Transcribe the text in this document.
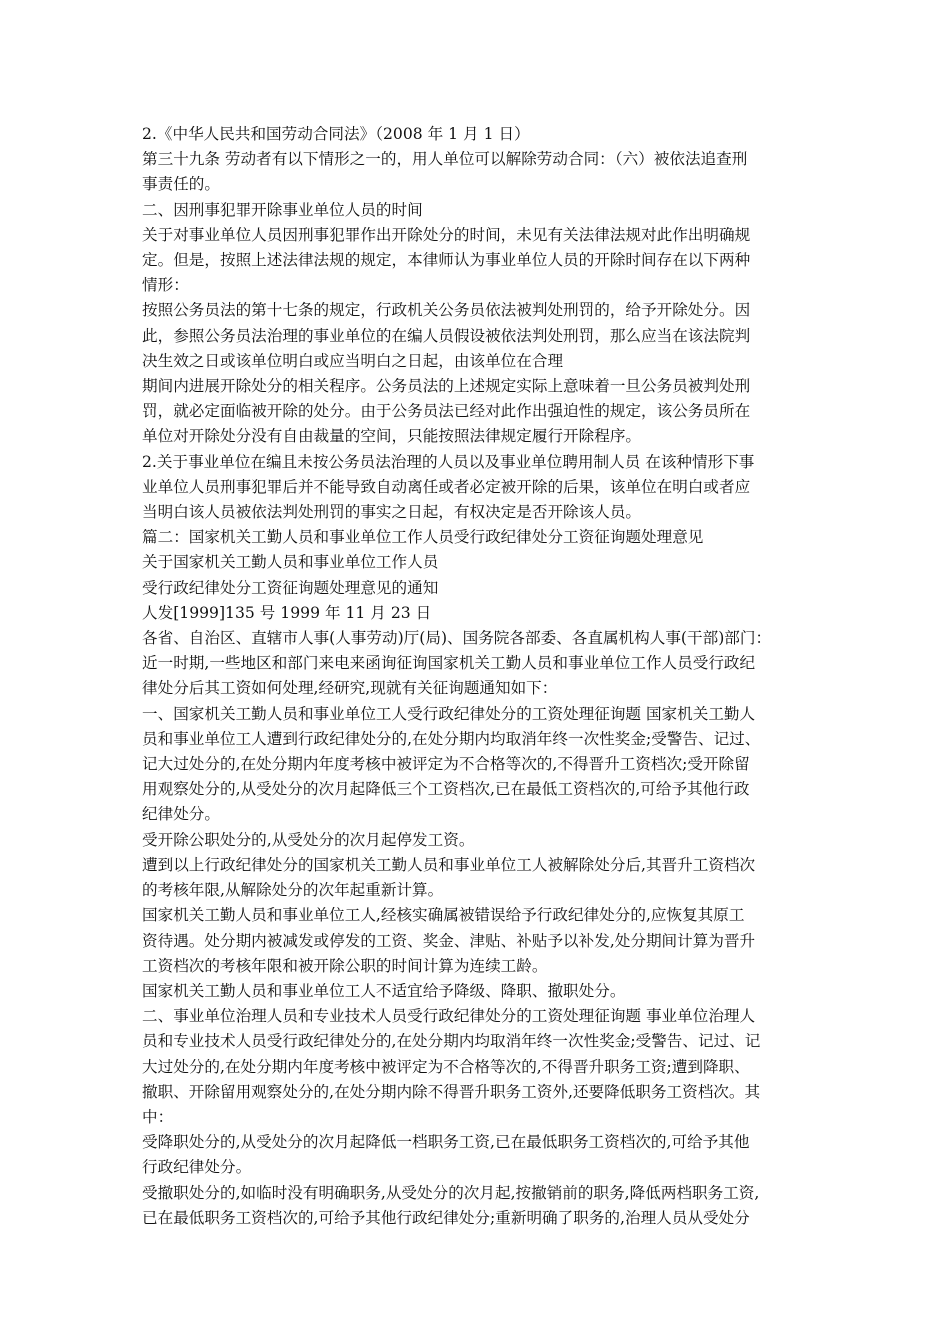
2.《中华人民共和国劳动合同法》（2008 年 1 月 1 日）
第三十九条 劳动者有以下情形之一的，用人单位可以解除劳动合同：（六）被依法追查刑
事责任的。
二、因刑事犯罪开除事业单位人员的时间
关于对事业单位人员因刑事犯罪作出开除处分的时间，未见有关法律法规对此作出明确规
定。但是，按照上述法律法规的规定，本律师认为事业单位人员的开除时间存在以下两种
情形：
按照公务员法的第十七条的规定，行政机关公务员依法被判处刑罚的，给予开除处分。因
此，参照公务员法治理的事业单位的在编人员假设被依法判处刑罚，那么应当在该法院判
决生效之日或该单位明白或应当明白之日起，由该单位在合理
期间内进展开除处分的相关程序。公务员法的上述规定实际上意味着一旦公务员被判处刑
罚，就必定面临被开除的处分。由于公务员法已经对此作出强迫性的规定，该公务员所在
单位对开除处分没有自由裁量的空间，只能按照法律规定履行开除程序。
2.关于事业单位在编且未按公务员法治理的人员以及事业单位聘用制人员 在该种情形下事
业单位人员刑事犯罪后并不能导致自动离任或者必定被开除的后果，该单位在明白或者应
当明白该人员被依法判处刑罚的事实之日起，有权决定是否开除该人员。
篇二：国家机关工勤人员和事业单位工作人员受行政纪律处分工资征询题处理意见
关于国家机关工勤人员和事业单位工作人员
受行政纪律处分工资征询题处理意见的通知
人发[1999]135 号 1999 年 11 月 23 日
各省、自治区、直辖市人事(人事劳动)厅(局)、国务院各部委、各直属机构人事(干部)部门：
近一时期,一些地区和部门来电来函询征询国家机关工勤人员和事业单位工作人员受行政纪
律处分后其工资如何处理,经研究,现就有关征询题通知如下：
一、国家机关工勤人员和事业单位工人受行政纪律处分的工资处理征询题 国家机关工勤人
员和事业单位工人遭到行政纪律处分的,在处分期内均取消年终一次性奖金;受警告、记过、
记大过处分的,在处分期内年度考核中被评定为不合格等次的,不得晋升工资档次;受开除留
用观察处分的,从受处分的次月起降低三个工资档次,已在最低工资档次的,可给予其他行政
纪律处分。
受开除公职处分的,从受处分的次月起停发工资。
遭到以上行政纪律处分的国家机关工勤人员和事业单位工人被解除处分后,其晋升工资档次
的考核年限,从解除处分的次年起重新计算。
国家机关工勤人员和事业单位工人,经核实确属被错误给予行政纪律处分的,应恢复其原工
资待遇。处分期内被减发或停发的工资、奖金、津贴、补贴予以补发,处分期间计算为晋升
工资档次的考核年限和被开除公职的时间计算为连续工龄。
国家机关工勤人员和事业单位工人不适宜给予降级、降职、撤职处分。
二、事业单位治理人员和专业技术人员受行政纪律处分的工资处理征询题 事业单位治理人
员和专业技术人员受行政纪律处分的,在处分期内均取消年终一次性奖金;受警告、记过、记
大过处分的,在处分期内年度考核中被评定为不合格等次的,不得晋升职务工资;遭到降职、
撤职、开除留用观察处分的,在处分期内除不得晋升职务工资外,还要降低职务工资档次。其
中：
受降职处分的,从受处分的次月起降低一档职务工资,已在最低职务工资档次的,可给予其他
行政纪律处分。
受撤职处分的,如临时没有明确职务,从受处分的次月起,按撤销前的职务,降低两档职务工资,
已在最低职务工资档次的,可给予其他行政纪律处分;重新明确了职务的,治理人员从受处分
